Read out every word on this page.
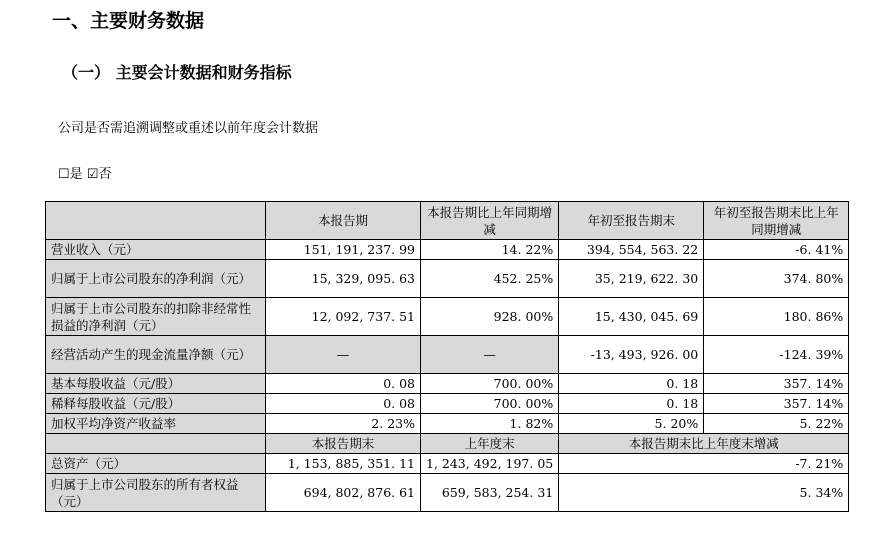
一、主要财务数据
（一） 主要会计数据和财务指标
公司是否需追溯调整或重述以前年度会计数据
☐是 ☑否
	本报告期	本报告期比上年同期增减	年初至报告期末	年初至报告期末比上年同期增减
营业收入（元）	151, 191, 237. 99	14. 22%	394, 554, 563. 22	-6. 41%
归属于上市公司股东的净利润（元）	15, 329, 095. 63	452. 25%	35, 219, 622. 30	374. 80%
归属于上市公司股东的扣除非经常性损益的净利润（元）	12, 092, 737. 51	928. 00%	15, 430, 045. 69	180. 86%
经营活动产生的现金流量净额（元）	—	—	-13, 493, 926. 00	-124. 39%
基本每股收益（元/股）	0. 08	700. 00%	0. 18	357. 14%
稀释每股收益（元/股）	0. 08	700. 00%	0. 18	357. 14%
加权平均净资产收益率	2. 23%	1. 82%	5. 20%	5. 22%
	本报告期末	上年度末	本报告期末比上年度末增减	
总资产（元）	1, 153, 885, 351. 11	1, 243, 492, 197. 05	-7. 21%	
归属于上市公司股东的所有者权益（元）	694, 802, 876. 61	659, 583, 254. 31	5. 34%	
